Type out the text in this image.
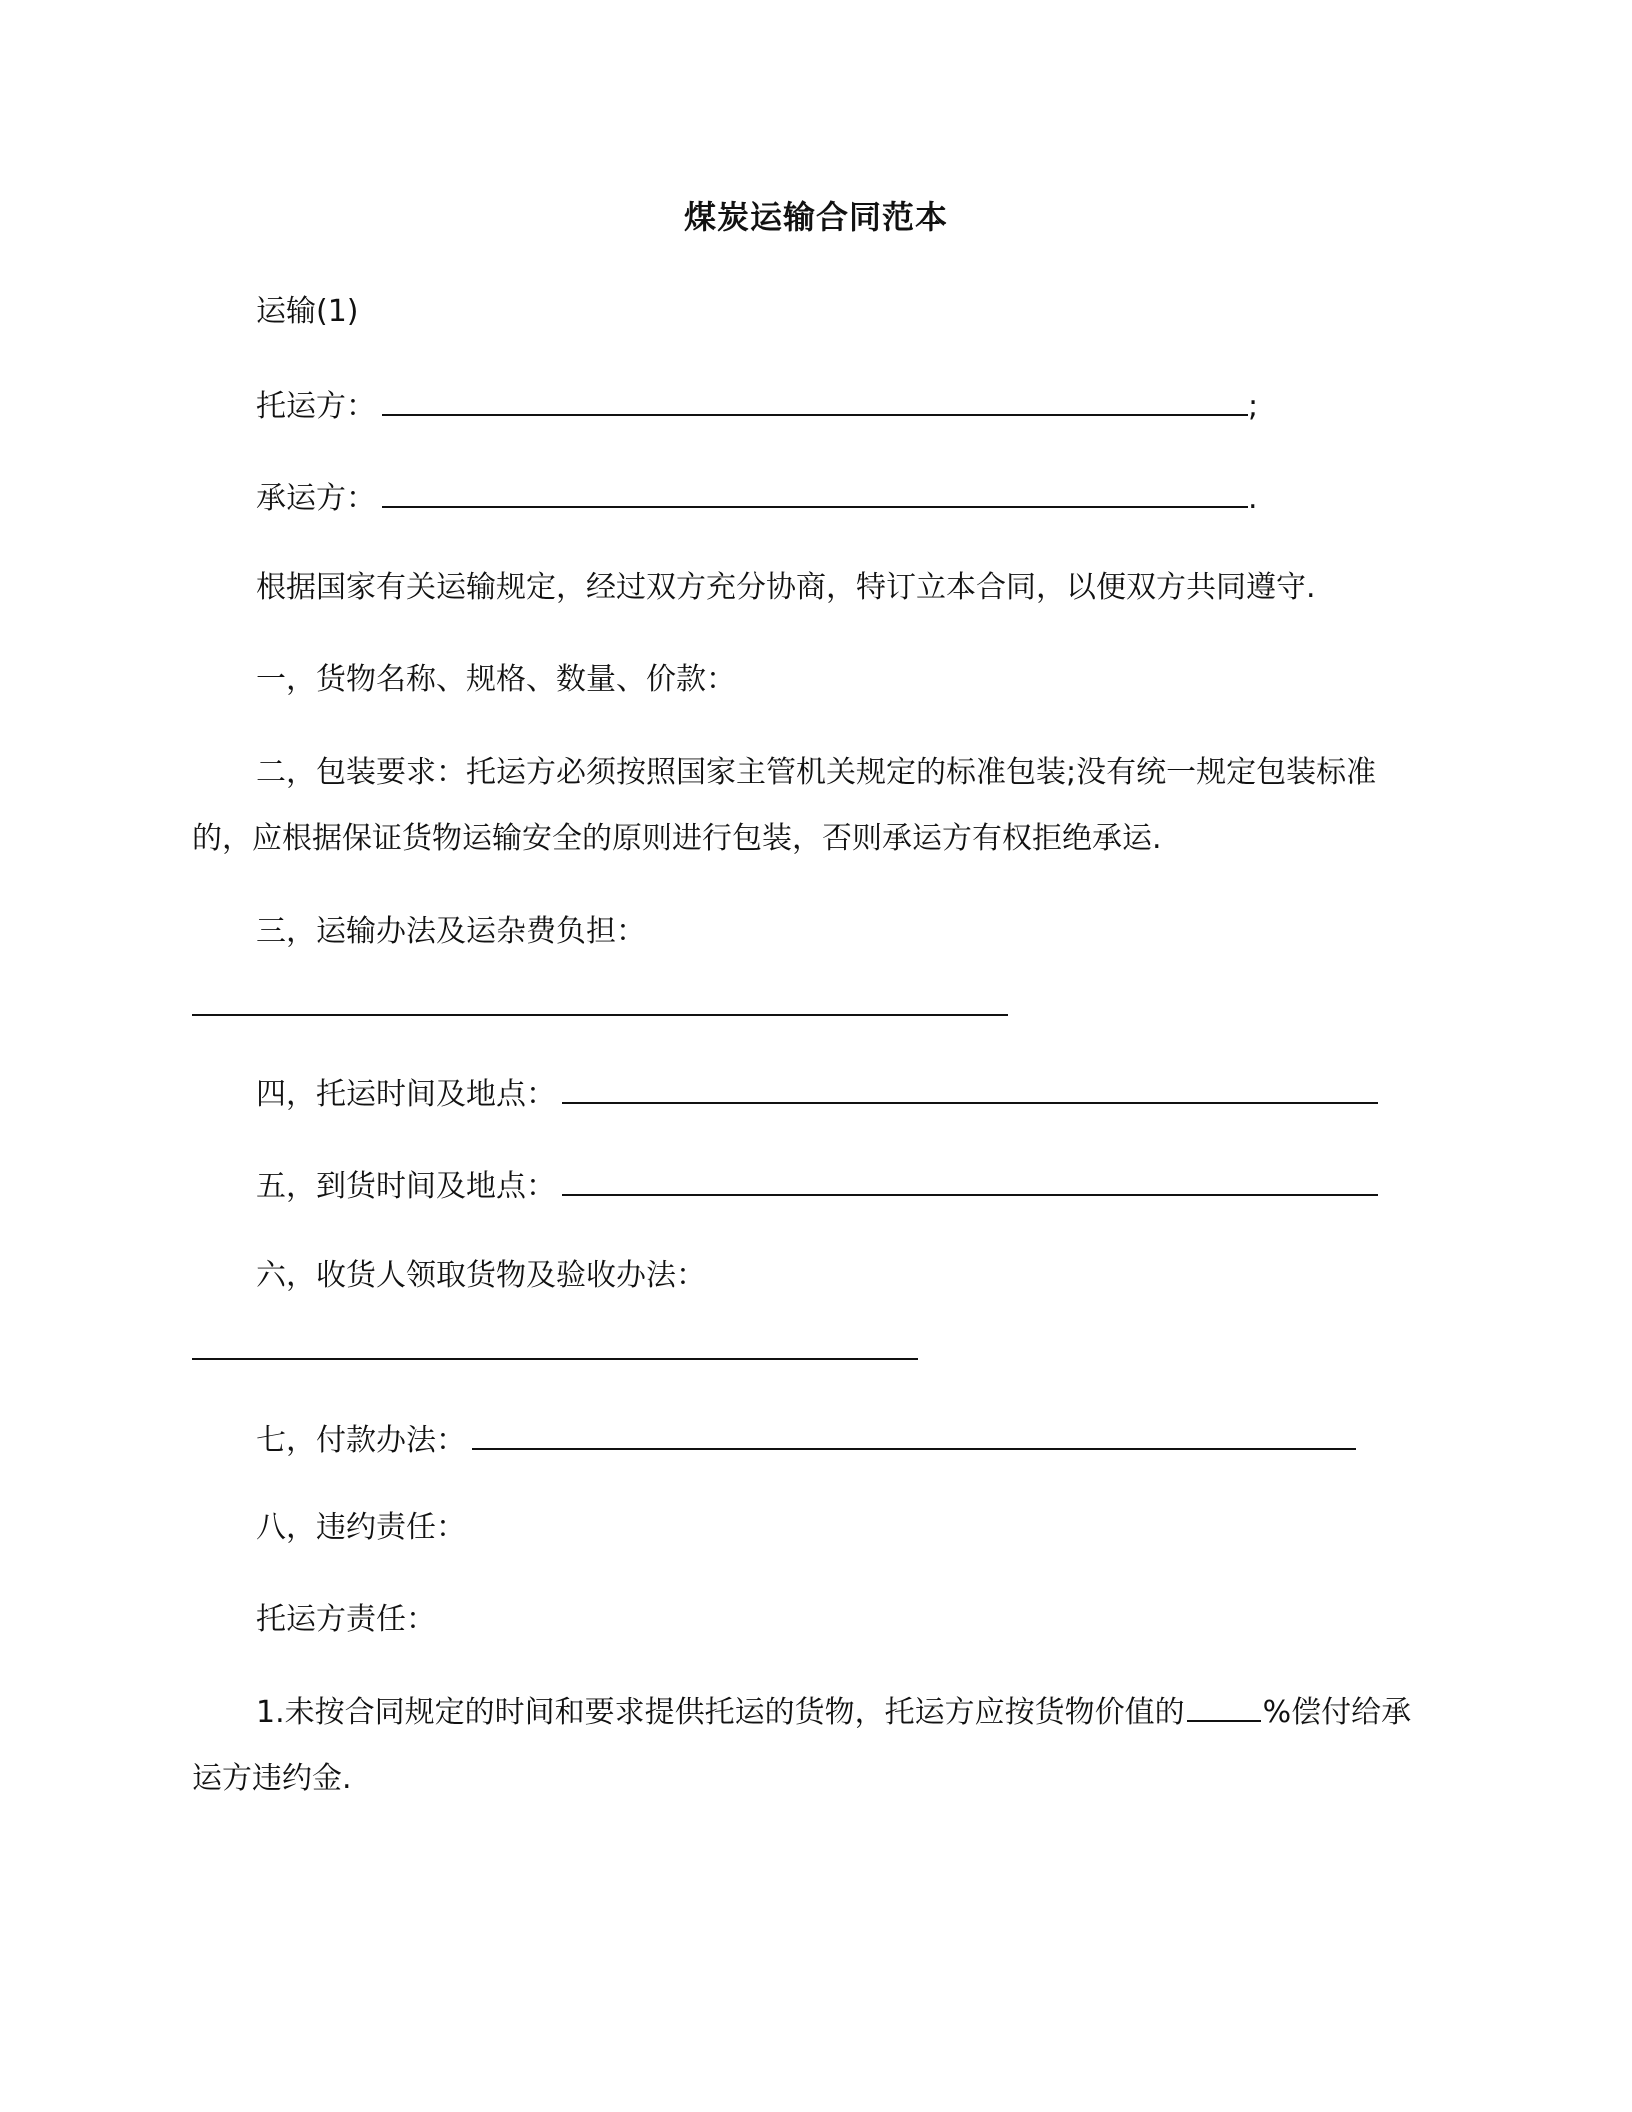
煤炭运输合同范本
运输(1)
托运方：	;
承运方：	.
根据国家有关运输规定，经过双方充分协商，特订立本合同，以便双方共同遵守.
一，货物名称、规格、数量、价款：
二，包装要求：托运方必须按照国家主管机关规定的标准包装;没有统一规定包装标准的，应根据保证货物运输安全的原则进行包装，否则承运方有权拒绝承运.
三，运输办法及运杂费负担：
四，托运时间及地点：
五，到货时间及地点：
六，收货人领取货物及验收办法：
七，付款办法：
八，违约责任：
托运方责任：
1.未按合同规定的时间和要求提供托运的货物，托运方应按货物价值的	%偿付给承运方违约金.
